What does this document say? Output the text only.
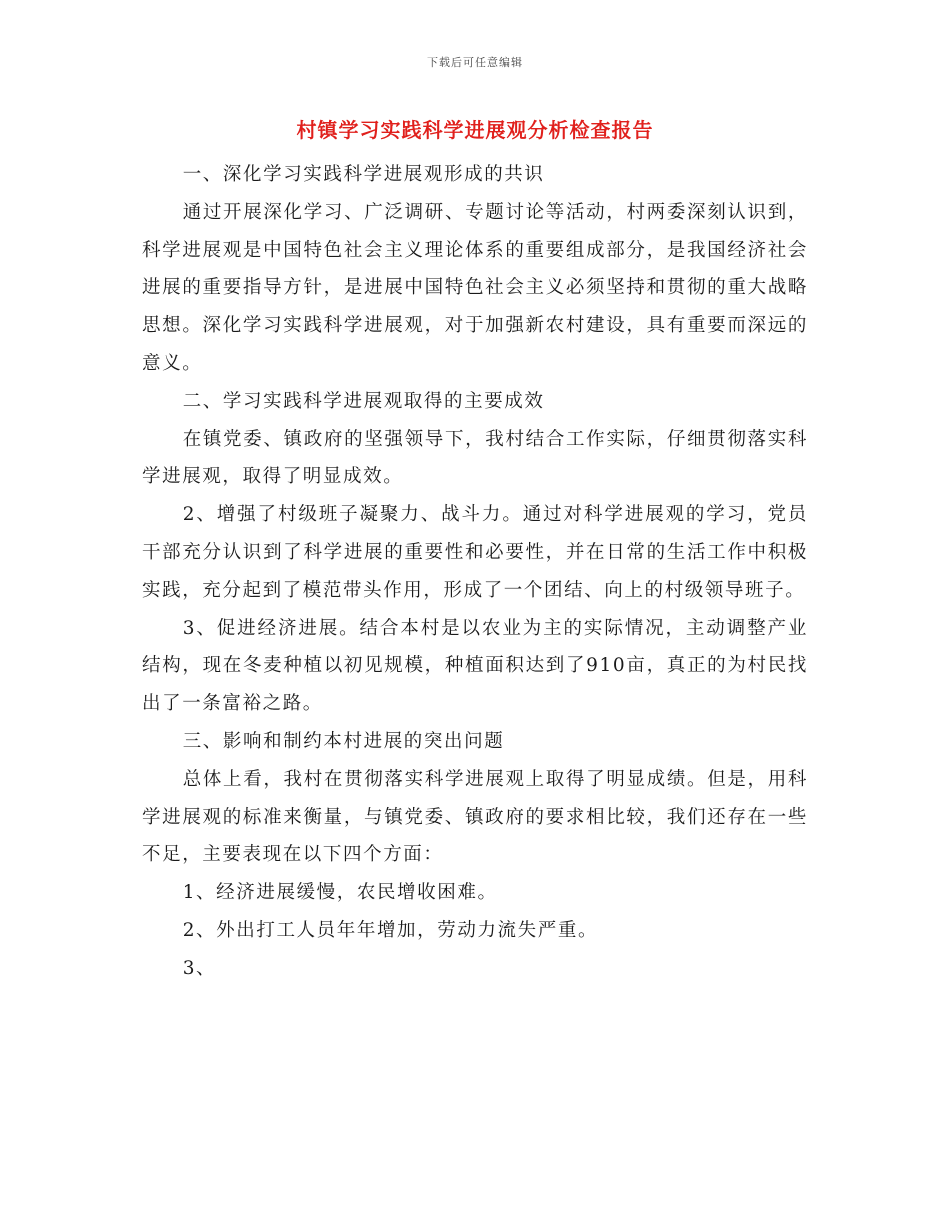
下载后可任意编辑
村镇学习实践科学进展观分析检查报告

一、深化学习实践科学进展观形成的共识

通过开展深化学习、广泛调研、专题讨论等活动，村两委深刻认识到，科学进展观是中国特色社会主义理论体系的重要组成部分，是我国经济社会进展的重要指导方针，是进展中国特色社会主义必须坚持和贯彻的重大战略思想。深化学习实践科学进展观，对于加强新农村建设，具有重要而深远的意义。

二、学习实践科学进展观取得的主要成效

在镇党委、镇政府的坚强领导下，我村结合工作实际，仔细贯彻落实科学进展观，取得了明显成效。

2、增强了村级班子凝聚力、战斗力。通过对科学进展观的学习，党员干部充分认识到了科学进展的重要性和必要性，并在日常的生活工作中积极实践，充分起到了模范带头作用，形成了一个团结、向上的村级领导班子。

3、促进经济进展。结合本村是以农业为主的实际情况，主动调整产业结构，现在冬麦种植以初见规模，种植面积达到了910亩，真正的为村民找出了一条富裕之路。

三、影响和制约本村进展的突出问题

总体上看，我村在贯彻落实科学进展观上取得了明显成绩。但是，用科学进展观的标准来衡量，与镇党委、镇政府的要求相比较，我们还存在一些不足，主要表现在以下四个方面：

1、经济进展缓慢，农民增收困难。

2、外出打工人员年年增加，劳动力流失严重。

3、
